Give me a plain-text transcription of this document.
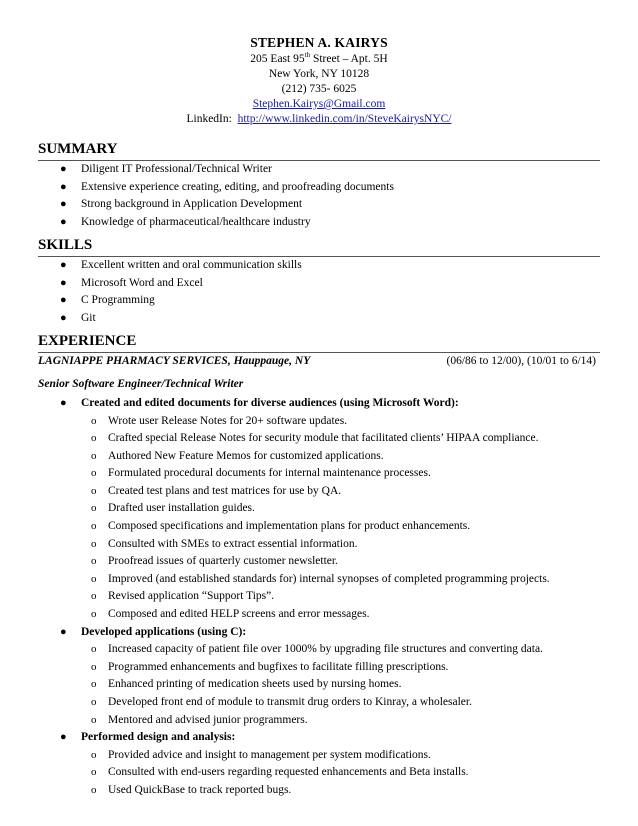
STEPHEN A. KAIRYS
205 East 95th Street – Apt. 5H
New York, NY 10128
(212) 735- 6025
Stephen.Kairys@Gmail.com
LinkedIn: http://www.linkedin.com/in/SteveKairysNYC/
SUMMARY
● Diligent IT Professional/Technical Writer
● Extensive experience creating, editing, and proofreading documents
● Strong background in Application Development
● Knowledge of pharmaceutical/healthcare industry
SKILLS
● Excellent written and oral communication skills
● Microsoft Word and Excel
● C Programming
● Git
EXPERIENCE
LAGNIAPPE PHARMACY SERVICES, Hauppauge, NY	(06/86 to 12/00), (10/01 to 6/14)
Senior Software Engineer/Technical Writer
● Created and edited documents for diverse audiences (using Microsoft Word):
o Wrote user Release Notes for 20+ software updates.
o Crafted special Release Notes for security module that facilitated clients’ HIPAA compliance.
o Authored New Feature Memos for customized applications.
o Formulated procedural documents for internal maintenance processes.
o Created test plans and test matrices for use by QA.
o Drafted user installation guides.
o Composed specifications and implementation plans for product enhancements.
o Consulted with SMEs to extract essential information.
o Proofread issues of quarterly customer newsletter.
o Improved (and established standards for) internal synopses of completed programming projects.
o Revised application “Support Tips”.
o Composed and edited HELP screens and error messages.
● Developed applications (using C):
o Increased capacity of patient file over 1000% by upgrading file structures and converting data.
o Programmed enhancements and bugfixes to facilitate filling prescriptions.
o Enhanced printing of medication sheets used by nursing homes.
o Developed front end of module to transmit drug orders to Kinray, a wholesaler.
o Mentored and advised junior programmers.
● Performed design and analysis:
o Provided advice and insight to management per system modifications.
o Consulted with end-users regarding requested enhancements and Beta installs.
o Used QuickBase to track reported bugs.
